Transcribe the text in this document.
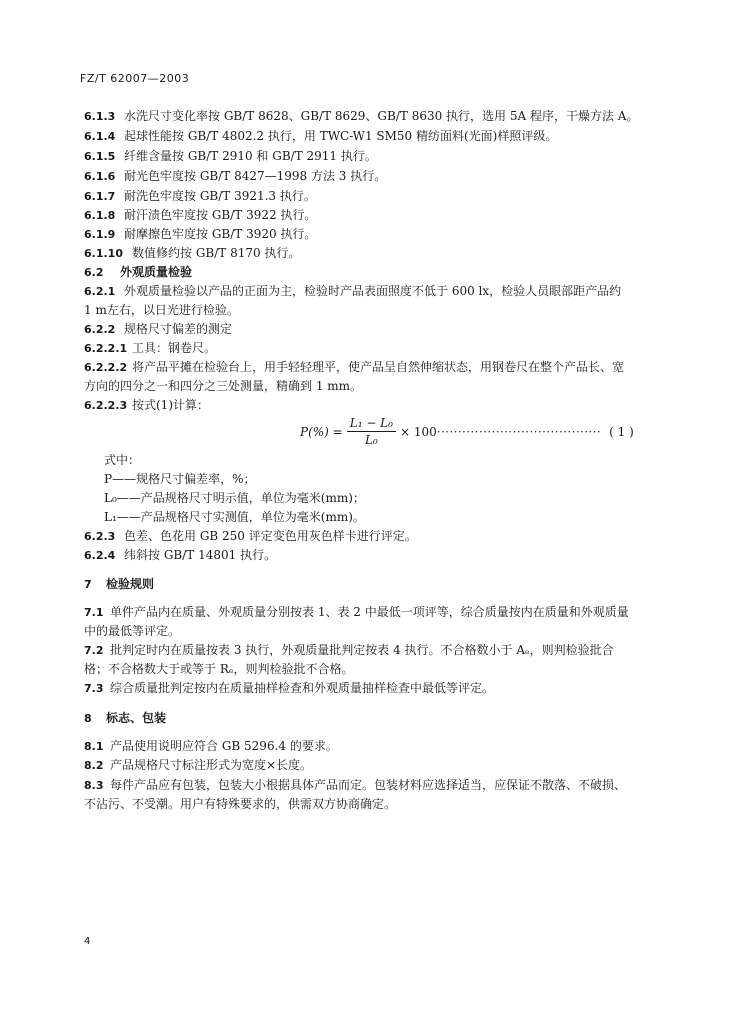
FZ/T 62007—2003
6.1.3 水洗尺寸变化率按 GB/T 8628、GB/T 8629、GB/T 8630 执行，选用 5A 程序，干燥方法 A。
6.1.4 起球性能按 GB/T 4802.2 执行，用 TWC-W1 SM50 精纺面料(光面)样照评级。
6.1.5 纤维含量按 GB/T 2910 和 GB/T 2911 执行。
6.1.6 耐光色牢度按 GB/T 8427—1998 方法 3 执行。
6.1.7 耐洗色牢度按 GB/T 3921.3 执行。
6.1.8 耐汗渍色牢度按 GB/T 3922 执行。
6.1.9 耐摩擦色牢度按 GB/T 3920 执行。
6.1.10 数值修约按 GB/T 8170 执行。
6.2 外观质量检验
6.2.1 外观质量检验以产品的正面为主，检验时产品表面照度不低于 600 lx，检验人员眼部距产品约
1 m左右，以日光进行检验。
6.2.2 规格尺寸偏差的测定
6.2.2.1 工具：钢卷尺。
6.2.2.2 将产品平摊在检验台上，用手轻轻理平，使产品呈自然伸缩状态，用钢卷尺在整个产品长、宽
方向的四分之一和四分之三处测量，精确到 1 mm。
6.2.2.3 按式(1)计算：
$P(\%) = \frac{\text{L₁ − L₀}}{\text{L₀}} \times 100$ ······································· ( 1 )
式中：
P——规格尺寸偏差率，%；
L₀——产品规格尺寸明示值，单位为毫米(mm)；
L₁——产品规格尺寸实测值，单位为毫米(mm)。
6.2.3 色差、色花用 GB 250 评定变色用灰色样卡进行评定。
6.2.4 纬斜按 GB/T 14801 执行。
7 检验规则
7.1 单件产品内在质量、外观质量分别按表 1、表 2 中最低一项评等，综合质量按内在质量和外观质量
中的最低等评定。
7.2 批判定时内在质量按表 3 执行，外观质量批判定按表 4 执行。不合格数小于 Aₑ，则判检验批合
格；不合格数大于或等于 Rₑ，则判检验批不合格。
7.3 综合质量批判定按内在质量抽样检查和外观质量抽样检查中最低等评定。
8 标志、包装
8.1 产品使用说明应符合 GB 5296.4 的要求。
8.2 产品规格尺寸标注形式为宽度×长度。
8.3 每件产品应有包装，包装大小根据具体产品而定。包装材料应选择适当，应保证不散落、不破损、
不沾污、不受潮。用户有特殊要求的，供需双方协商确定。
4
